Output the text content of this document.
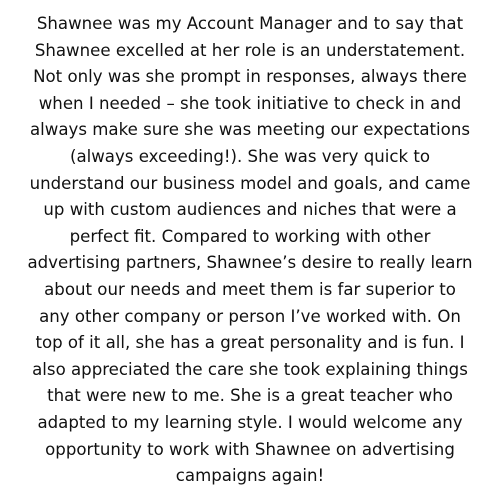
Shawnee was my Account Manager and to say that
Shawnee excelled at her role is an understatement.
Not only was she prompt in responses, always there
when I needed – she took initiative to check in and
always make sure she was meeting our expectations
(always exceeding!). She was very quick to
understand our business model and goals, and came
up with custom audiences and niches that were a
perfect fit. Compared to working with other
advertising partners, Shawnee’s desire to really learn
about our needs and meet them is far superior to
any other company or person I’ve worked with. On
top of it all, she has a great personality and is fun. I
also appreciated the care she took explaining things
that were new to me. She is a great teacher who
adapted to my learning style. I would welcome any
opportunity to work with Shawnee on advertising
campaigns again!
